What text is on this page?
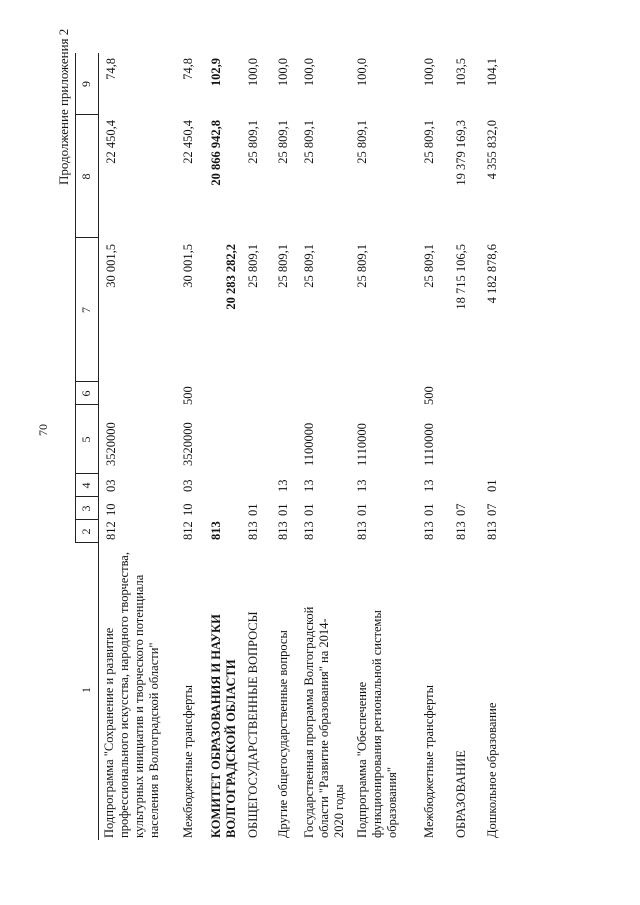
70
Продолжение приложения 2
1
2
3
4
5
6
7
8
9
Подпрограмма "Сохранение и развитие профессионального искусства, народного творчества, культурных инициатив и творческого потенциала населения в Волгоградской области"
812
10
03
3520000
30 001,5
22 450,4
74,8
Межбюджетные трансферты
812
10
03
3520000
500
30 001,5
22 450,4
74,8
КОМИТЕТ ОБРАЗОВАНИЯ И НАУКИ ВОЛГОГРАДСКОЙ ОБЛАСТИ
813
20 283 282,2
20 866 942,8
102,9
ОБЩЕГОСУДАРСТВЕННЫЕ ВОПРОСЫ
813
01
25 809,1
25 809,1
100,0
Другие общегосударственные вопросы
813
01
13
25 809,1
25 809,1
100,0
Государственная программа Волгоградской области "Развитие образования" на 2014-2020 годы
813
01
13
1100000
25 809,1
25 809,1
100,0
Подпрограмма "Обеспечение функционирования региональной системы образования"
813
01
13
1110000
25 809,1
25 809,1
100,0
Межбюджетные трансферты
813
01
13
1110000
500
25 809,1
25 809,1
100,0
ОБРАЗОВАНИЕ
813
07
18 715 106,5
19 379 169,3
103,5
Дошкольное образование
813
07
01
4 182 878,6
4 355 832,0
104,1
